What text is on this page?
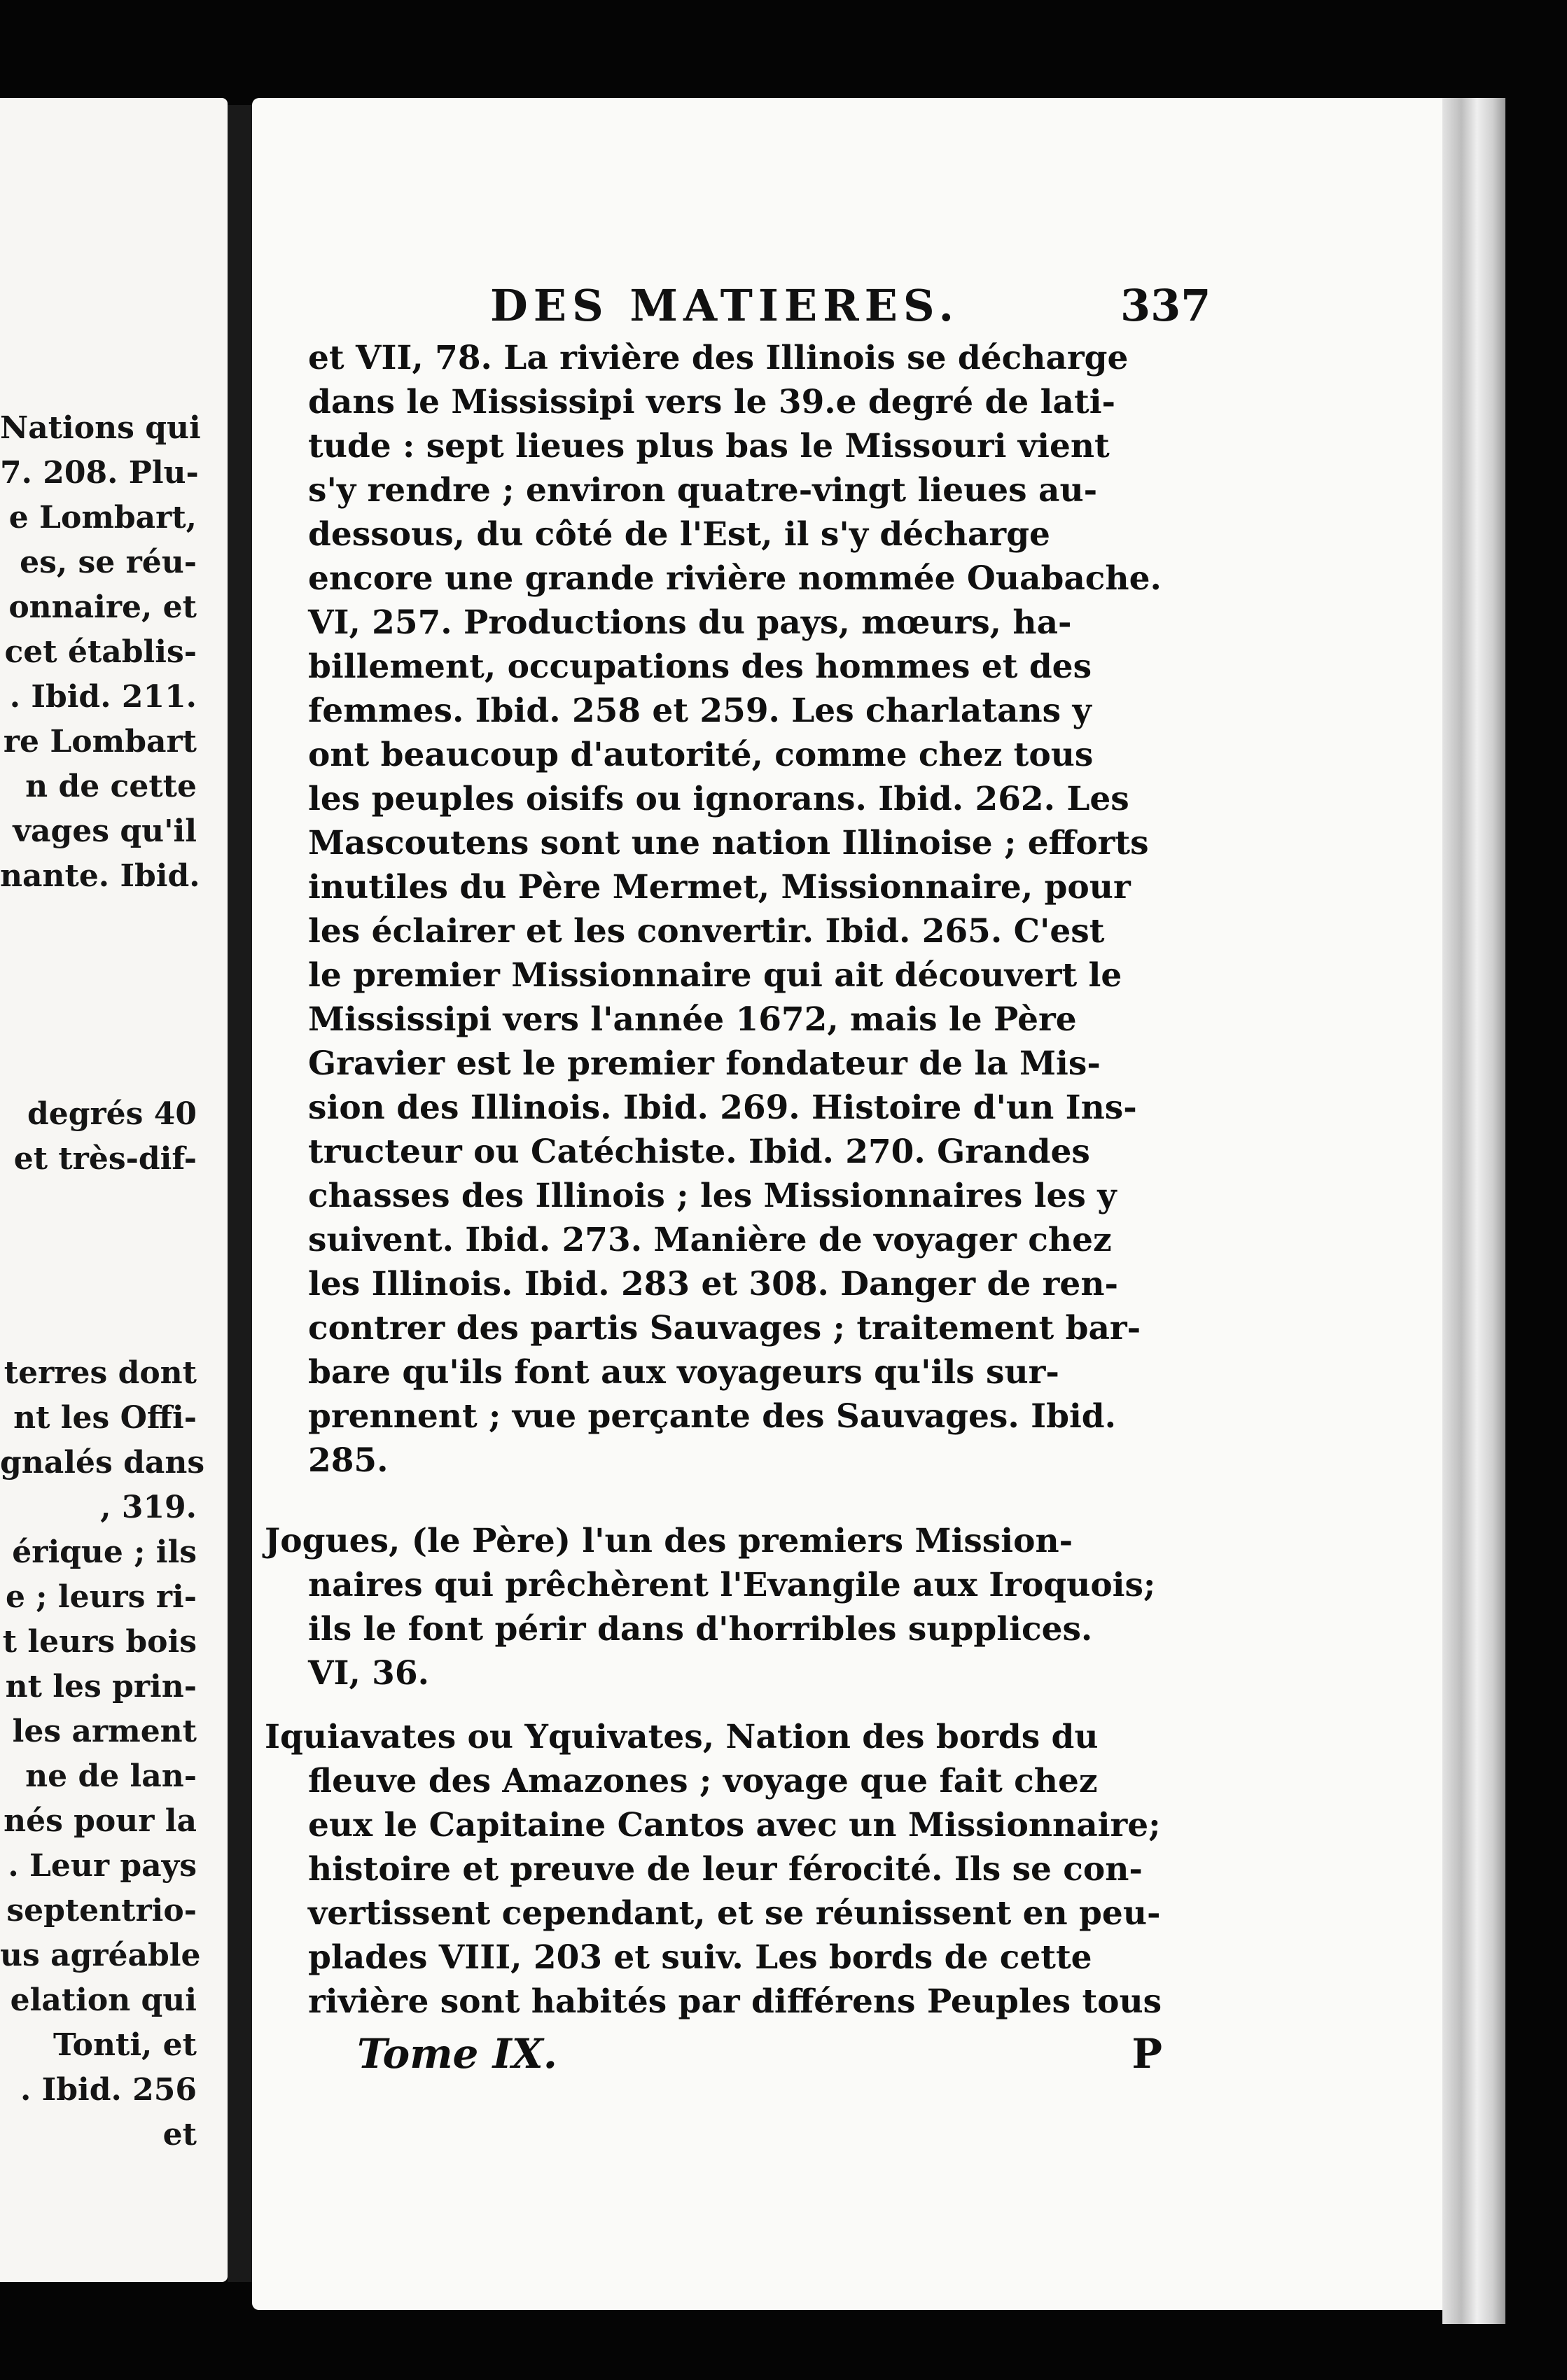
Nations qui
7. 208. Plu-
e Lombart,
es, se réu-
onnaire, et
cet établis-
. Ibid. 211.
re Lombart
n de cette
vages qu'il
nante. Ibid.
degrés 40
et très-dif-
terres dont
nt les Offi-
gnalés dans
, 319.
érique ; ils
e ; leurs ri-
t leurs bois
nt les prin-
les arment
ne de lan-
nés pour la
. Leur pays
septentrio-
us agréable
elation qui
Tonti, et
. Ibid. 256
et
DES MATIERES.	337
et VII, 78. La rivière des Illinois se décharge
dans le Mississipi vers le 39.e degré de lati-
tude : sept lieues plus bas le Missouri vient
s'y rendre ; environ quatre-vingt lieues au-
dessous, du côté de l'Est, il s'y décharge
encore une grande rivière nommée Ouabache.
VI, 257. Productions du pays, mœurs, ha-
billement, occupations des hommes et des
femmes. Ibid. 258 et 259. Les charlatans y
ont beaucoup d'autorité, comme chez tous
les peuples oisifs ou ignorans. Ibid. 262. Les
Mascoutens sont une nation Illinoise ; efforts
inutiles du Père Mermet, Missionnaire, pour
les éclairer et les convertir. Ibid. 265. C'est
le premier Missionnaire qui ait découvert le
Mississipi vers l'année 1672, mais le Père
Gravier est le premier fondateur de la Mis-
sion des Illinois. Ibid. 269. Histoire d'un Ins-
tructeur ou Catéchiste. Ibid. 270. Grandes
chasses des Illinois ; les Missionnaires les y
suivent. Ibid. 273. Manière de voyager chez
les Illinois. Ibid. 283 et 308. Danger de ren-
contrer des partis Sauvages ; traitement bar-
bare qu'ils font aux voyageurs qu'ils sur-
prennent ; vue perçante des Sauvages. Ibid.
285.
Jogues, (le Père) l'un des premiers Mission-
naires qui prêchèrent l'Evangile aux Iroquois;
ils le font périr dans d'horribles supplices.
VI, 36.
Iquiavates ou Yquivates, Nation des bords du
fleuve des Amazones ; voyage que fait chez
eux le Capitaine Cantos avec un Missionnaire;
histoire et preuve de leur férocité. Ils se con-
vertissent cependant, et se réunissent en peu-
plades VIII, 203 et suiv. Les bords de cette
rivière sont habités par différens Peuples tous
Tome IX.	P
